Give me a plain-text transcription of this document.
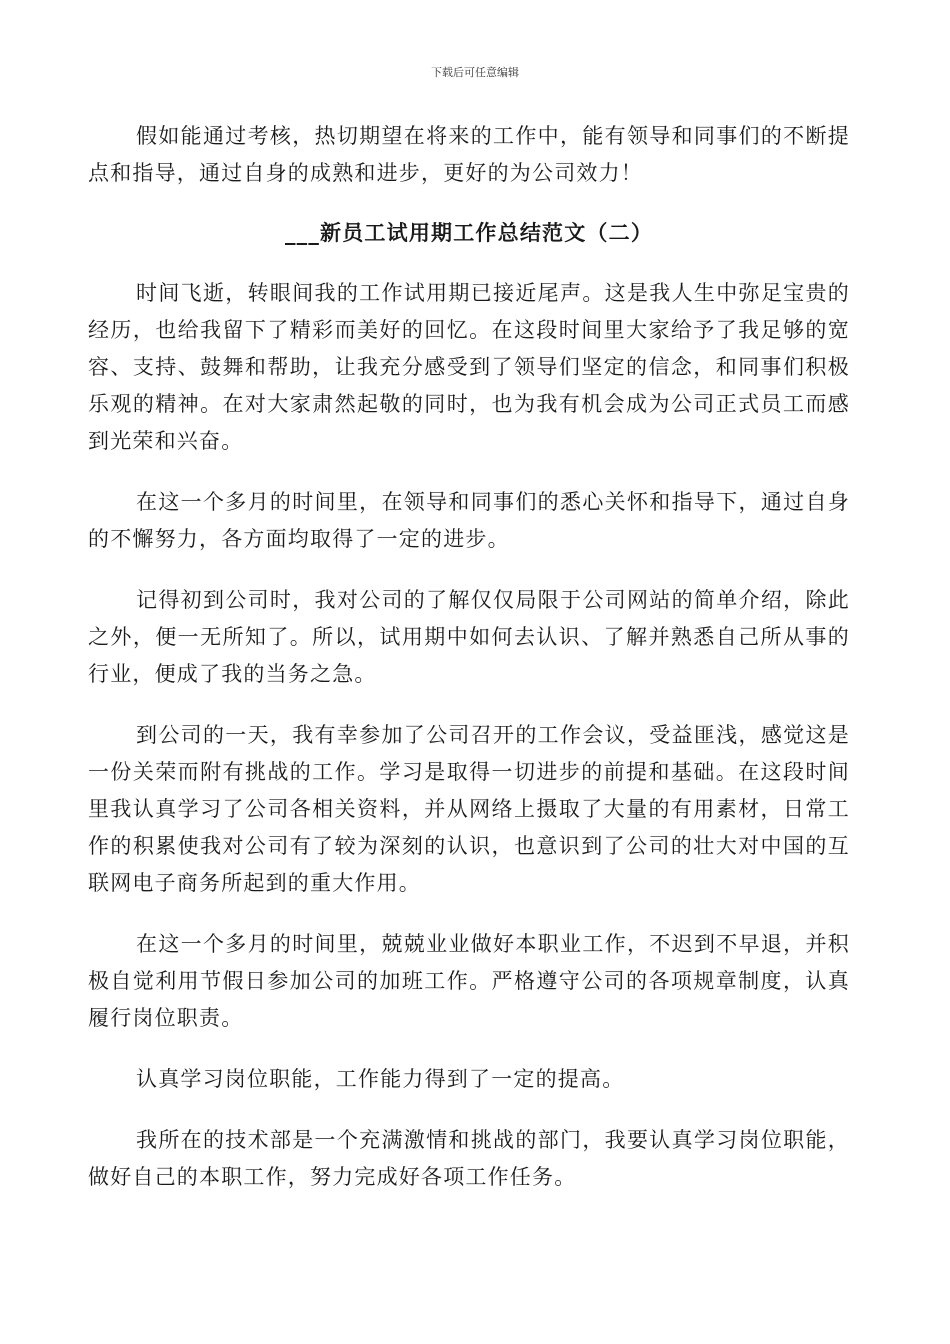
下载后可任意编辑

假如能通过考核，热切期望在将来的工作中，能有领导和同事们的不断提点和指导，通过自身的成熟和进步，更好的为公司效力！

___新员工试用期工作总结范文（二）

时间飞逝，转眼间我的工作试用期已接近尾声。这是我人生中弥足宝贵的经历，也给我留下了精彩而美好的回忆。在这段时间里大家给予了我足够的宽容、支持、鼓舞和帮助，让我充分感受到了领导们坚定的信念，和同事们积极乐观的精神。在对大家肃然起敬的同时，也为我有机会成为公司正式员工而感到光荣和兴奋。

在这一个多月的时间里，在领导和同事们的悉心关怀和指导下，通过自身的不懈努力，各方面均取得了一定的进步。

记得初到公司时，我对公司的了解仅仅局限于公司网站的简单介绍，除此之外，便一无所知了。所以，试用期中如何去认识、了解并熟悉自己所从事的行业，便成了我的当务之急。

到公司的一天，我有幸参加了公司召开的工作会议，受益匪浅，感觉这是一份关荣而附有挑战的工作。学习是取得一切进步的前提和基础。在这段时间里我认真学习了公司各相关资料，并从网络上摄取了大量的有用素材，日常工作的积累使我对公司有了较为深刻的认识，也意识到了公司的壮大对中国的互联网电子商务所起到的重大作用。

在这一个多月的时间里，兢兢业业做好本职业工作，不迟到不早退，并积极自觉利用节假日参加公司的加班工作。严格遵守公司的各项规章制度，认真履行岗位职责。

认真学习岗位职能，工作能力得到了一定的提高。

我所在的技术部是一个充满激情和挑战的部门，我要认真学习岗位职能，做好自己的本职工作，努力完成好各项工作任务。
